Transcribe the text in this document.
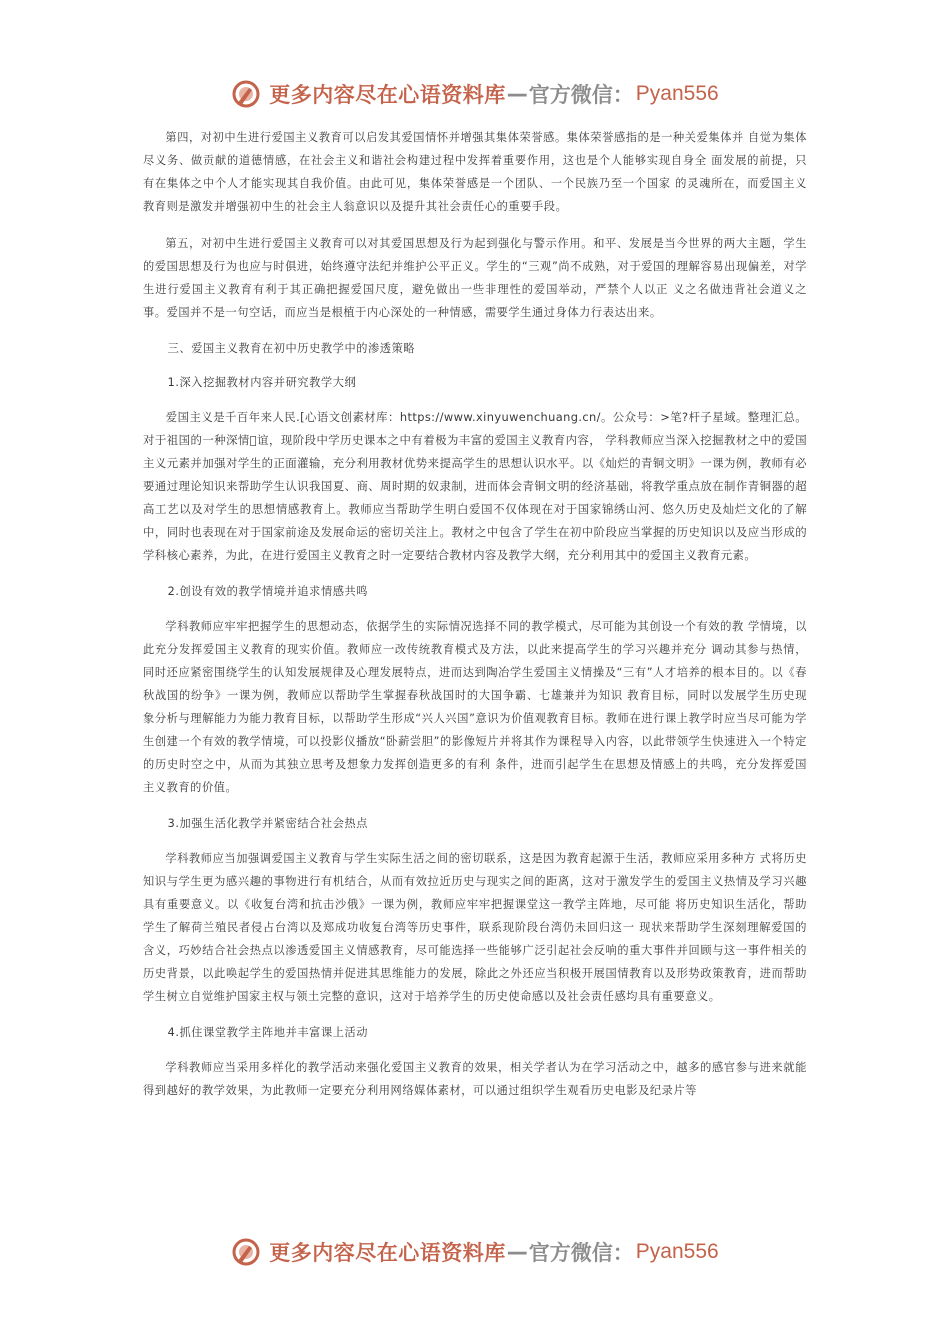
更多内容尽在心语资料库 — 官方微信： Pyan556

第四，对初中生进行爱国主义教育可以启发其爱国情怀并增强其集体荣誉感。集体荣誉感指的是一种关爱集体并 自觉为集体尽义务、做贡献的道德情感，在社会主义和谐社会构建过程中发挥着重要作用，这也是个人能够实现自身全 面发展的前提，只有在集体之中个人才能实现其自我价值。由此可见，集体荣誉感是一个团队、一个民族乃至一个国家 的灵魂所在，而爱国主义教育则是激发并增强初中生的社会主人翁意识以及提升其社会责任心的重要手段。

第五，对初中生进行爱国主义教育可以对其爱国思想及行为起到强化与警示作用。和平、发展是当今世界的两大主题，学生的爱国思想及行为也应与时俱进，始终遵守法纪并维护公平正义。学生的“三观”尚不成熟，对于爱国的理解容易出现偏差，对学生进行爱国主义教育有利于其正确把握爱国尺度，避免做出一些非理性的爱国举动，严禁个人以正 义之名做违背社会道义之事。爱国并不是一句空话，而应当是根植于内心深处的一种情感，需要学生通过身体力行表达出来。

三、爱国主义教育在初中历史教学中的渗透策略
1.深入挖掘教材内容并研究教学大纲

爱国主义是千百年来人民.[心语文创素材库：https://www.xinyuwenchuang.cn/。公众号：>笔?杆子星域。整理汇总。对于祖国的一种深情 谊，现阶段中学历史课本之中有着极为丰富的爱国主义教育内容， 学科教师应当深入挖掘教材之中的爱国主义元素并加强对学生的正面灌输，充分利用教材优势来提高学生的思想认识水平。以《灿烂的青铜文明》一课为例，教师有必要通过理论知识来帮助学生认识我国夏、商、周时期的奴隶制，进而体会青铜文明的经济基础，将教学重点放在制作青铜器的超高工艺以及对学生的思想情感教育上。教师应当帮助学生明白爱国不仅体现在对于国家锦绣山河、悠久历史及灿烂文化的了解中，同时也表现在对于国家前途及发展命运的密切关注上。教材之中包含了学生在初中阶段应当掌握的历史知识以及应当形成的学科核心素养，为此，在进行爱国主义教育之时一定要结合教材内容及教学大纲，充分利用其中的爱国主义教育元素。

2.创设有效的教学情境并追求情感共鸣

学科教师应牢牢把握学生的思想动态，依据学生的实际情况选择不同的教学模式，尽可能为其创设一个有效的教 学情境，以此充分发挥爱国主义教育的现实价值。教师应一改传统教育模式及方法，以此来提高学生的学习兴趣并充分 调动其参与热情，同时还应紧密围绕学生的认知发展规律及心理发展特点，进而达到陶冶学生爱国主义情操及“三有”人才培养的根本目的。以《春秋战国的纷争》一课为例，教师应以帮助学生掌握春秋战国时的大国争霸、七雄兼并为知识 教育目标，同时以发展学生历史现象分析与理解能力为能力教育目标，以帮助学生形成“兴人兴国”意识为价值观教育目标。教师在进行课上教学时应当尽可能为学生创建一个有效的教学情境，可以投影仪播放“卧薪尝胆”的影像短片并将其作为课程导入内容，以此带领学生快速进入一个特定的历史时空之中，从而为其独立思考及想象力发挥创造更多的有利 条件，进而引起学生在思想及情感上的共鸣，充分发挥爱国主义教育的价值。

3.加强生活化教学并紧密结合社会热点

学科教师应当加强调爱国主义教育与学生实际生活之间的密切联系，这是因为教育起源于生活，教师应采用多种方 式将历史知识与学生更为感兴趣的事物进行有机结合，从而有效拉近历史与现实之间的距离，这对于激发学生的爱国主义热情及学习兴趣具有重要意义。以《收复台湾和抗击沙俄》一课为例，教师应牢牢把握课堂这一教学主阵地，尽可能 将历史知识生活化，帮助学生了解荷兰殖民者侵占台湾以及郑成功收复台湾等历史事件，联系现阶段台湾仍未回归这一 现状来帮助学生深刻理解爱国的含义，巧妙结合社会热点以渗透爱国主义情感教育，尽可能选择一些能够广泛引起社会反响的重大事件并回顾与这一事件相关的历史背景，以此唤起学生的爱国热情并促进其思维能力的发展，除此之外还应当积极开展国情教育以及形势政策教育，进而帮助学生树立自觉维护国家主权与领土完整的意识，这对于培养学生的历史使命感以及社会责任感均具有重要意义。

4.抓住课堂教学主阵地并丰富课上活动

学科教师应当采用多样化的教学活动来强化爱国主义教育的效果，相关学者认为在学习活动之中，越多的感官参与进来就能得到越好的教学效果，为此教师一定要充分利用网络媒体素材，可以通过组织学生观看历史电影及纪录片等

更多内容尽在心语资料库 — 官方微信： Pyan556
